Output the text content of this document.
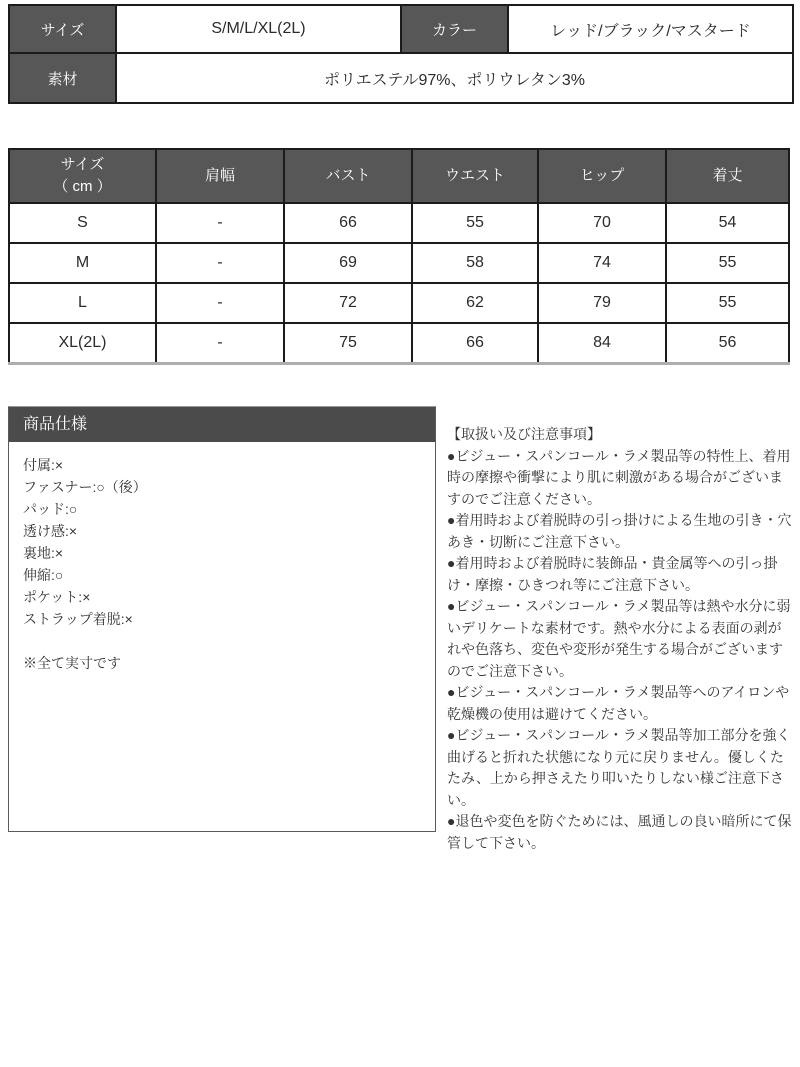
サイズ	S/M/L/XL(2L)	カラー	レッド/ブラック/マスタード
素材	ポリエステル97%、ポリウレタン3%		
サイズ
（ cm ）	肩幅	バスト	ウエスト	ヒップ	着丈
S	-	66	55	70	54
M	-	69	58	74	55
L	-	72	62	79	55
XL(2L)	-	75	66	84	56
商品仕様

付属:×

ファスナー:○（後）

パッド:○

透け感:×

裏地:×

伸縮:○

ポケット:×

ストラップ着脱:×

※全て実寸です

【取扱い及び注意事項】

●ビジュー・スパンコール・ラメ製品等の特性上、着用時の摩擦や衝撃により肌に刺激がある場合がございますのでご注意ください。

●着用時および着脱時の引っ掛けによる生地の引き・穴あき・切断にご注意下さい。

●着用時および着脱時に装飾品・貴金属等への引っ掛け・摩擦・ひきつれ等にご注意下さい。

●ビジュー・スパンコール・ラメ製品等は熱や水分に弱いデリケートな素材です。熱や水分による表面の剥がれや色落ち、変色や変形が発生する場合がございますのでご注意下さい。

●ビジュー・スパンコール・ラメ製品等へのアイロンや乾燥機の使用は避けてください。

●ビジュー・スパンコール・ラメ製品等加工部分を強く曲げると折れた状態になり元に戻りません。優しくたたみ、上から押さえたり叩いたりしない様ご注意下さい。

●退色や変色を防ぐためには、風通しの良い暗所にて保管して下さい。
